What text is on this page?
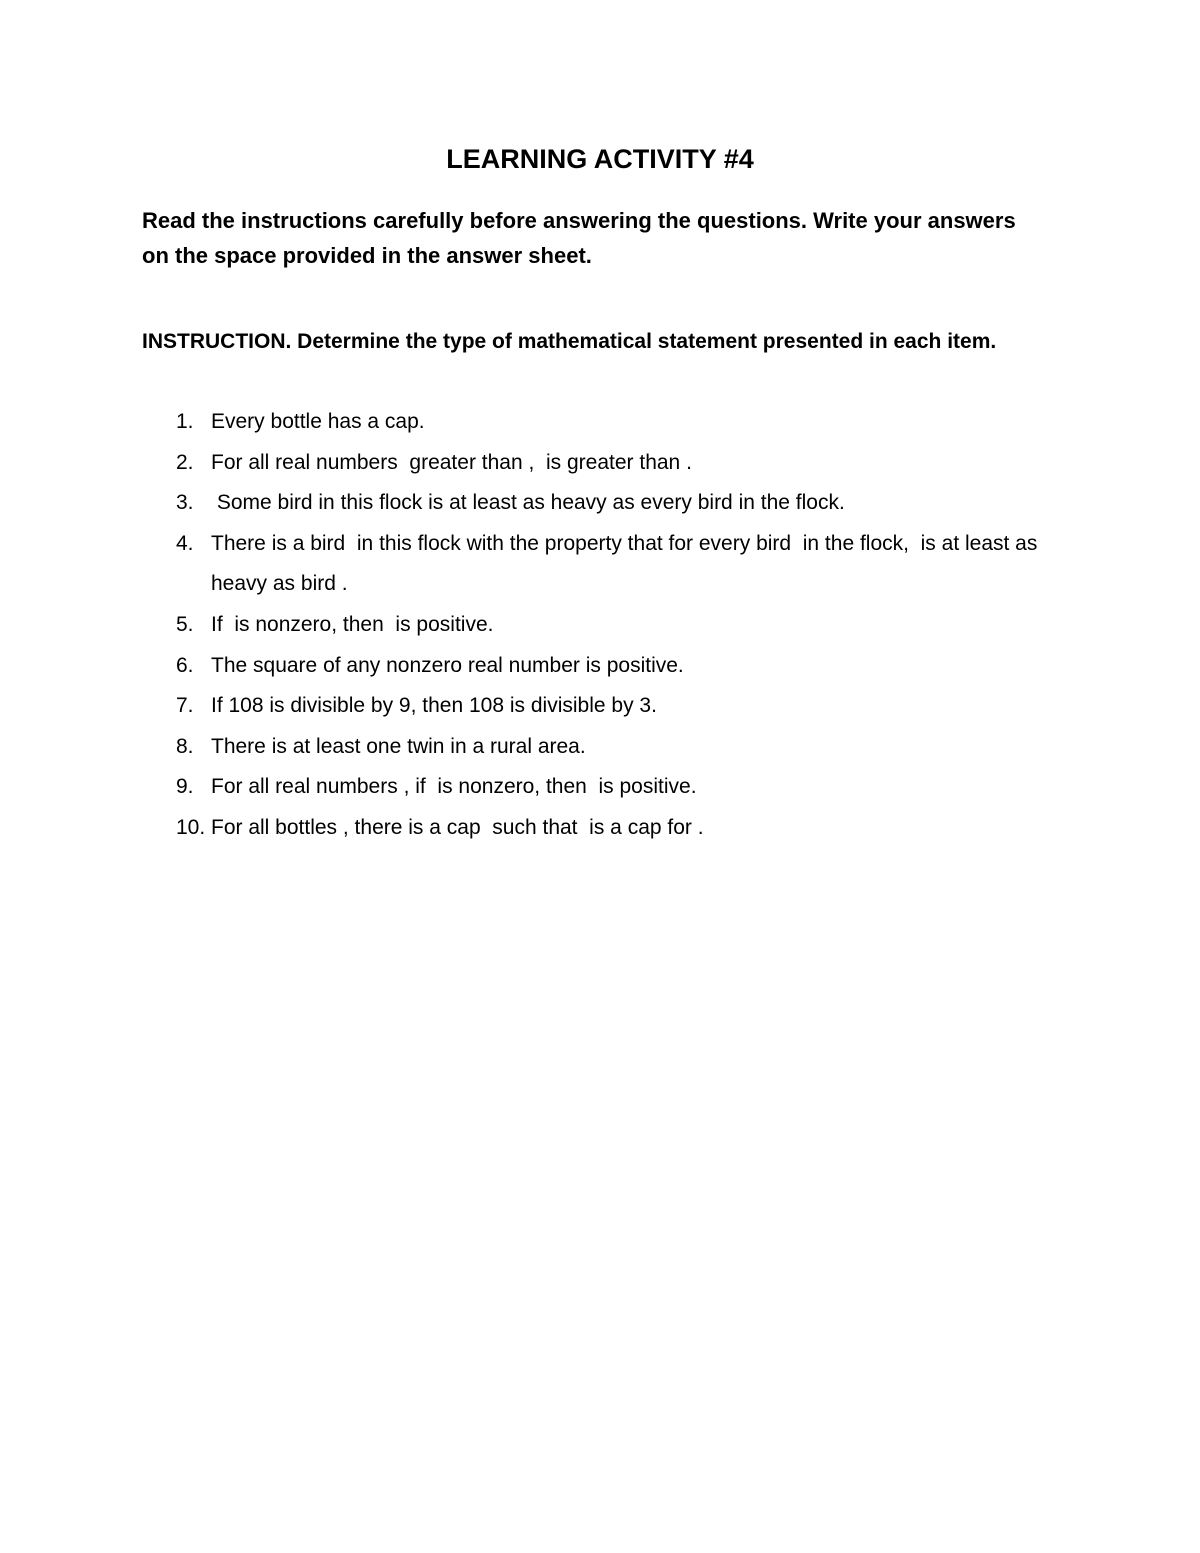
LEARNING ACTIVITY #4
Read the instructions carefully before answering the questions. Write your answers on the space provided in the answer sheet.
INSTRUCTION. Determine the type of mathematical statement presented in each item.
1. Every bottle has a cap.
2. For all real numbers  greater than ,  is greater than .
3. Some bird in this flock is at least as heavy as every bird in the flock.
4. There is a bird  in this flock with the property that for every bird  in the flock,  is at least as heavy as bird .
5. If  is nonzero, then  is positive.
6. The square of any nonzero real number is positive.
7. If 108 is divisible by 9, then 108 is divisible by 3.
8. There is at least one twin in a rural area.
9. For all real numbers , if  is nonzero, then  is positive.
10. For all bottles , there is a cap  such that  is a cap for .
